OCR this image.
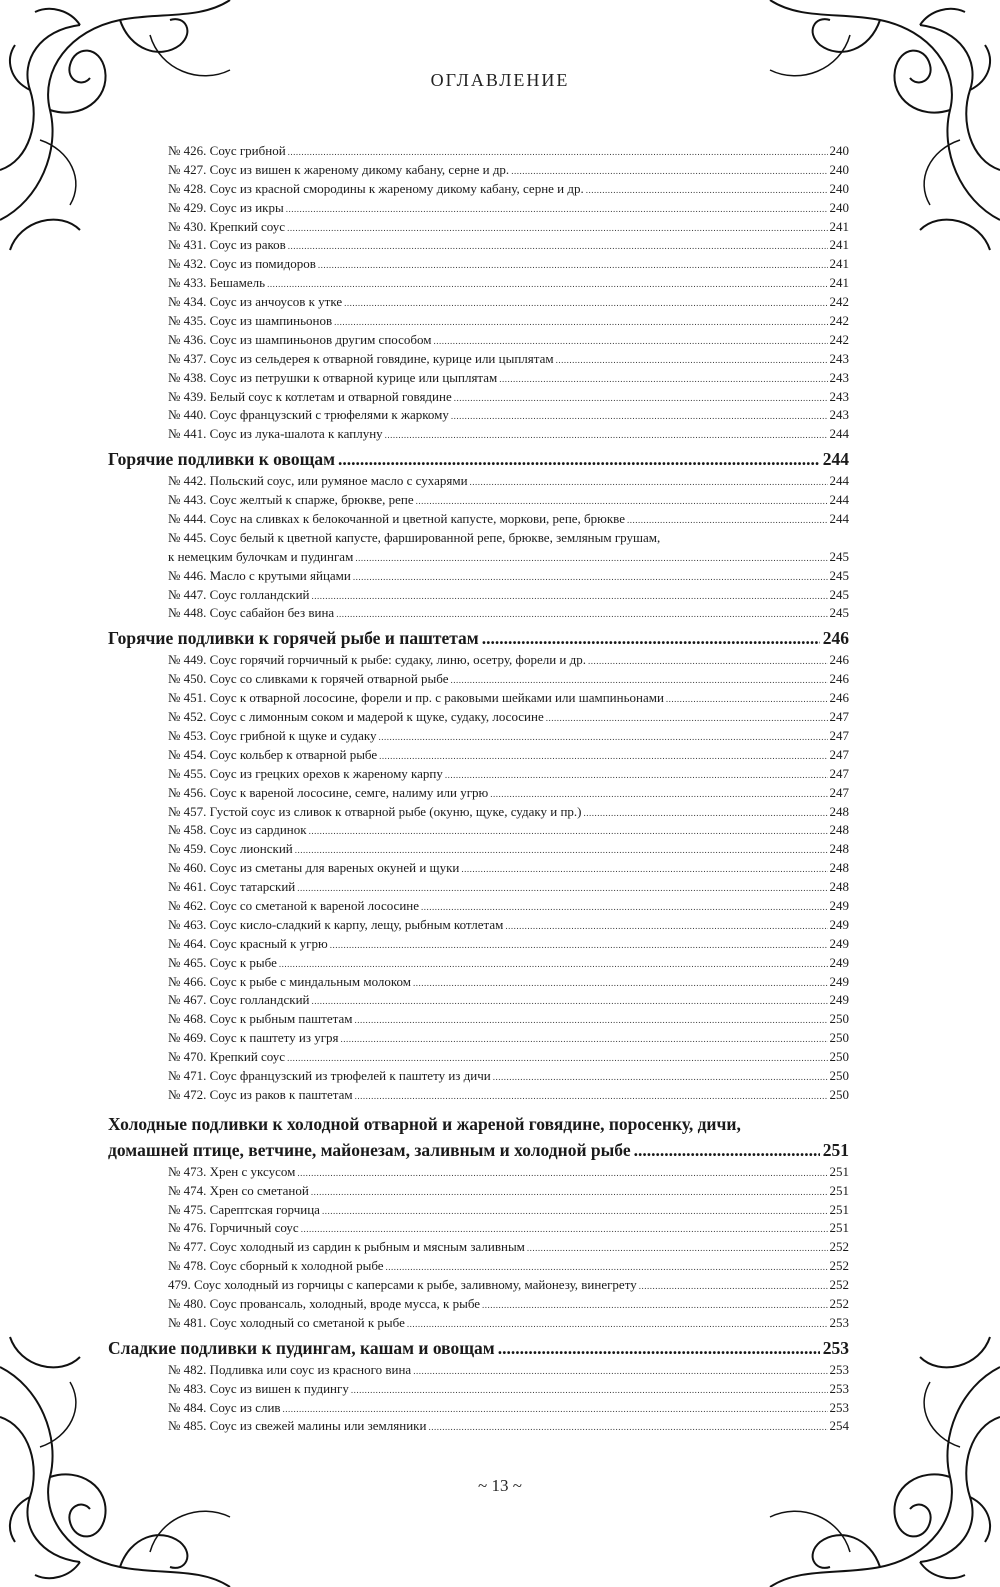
ОГЛАВЛЕНИЕ
№ 426. Соус грибной .....	240
№ 427. Соус из вишен к жареному дикому кабану, серне и др. .....	240
№ 428. Соус из красной смородины к жареному дикому кабану, серне и др. .....	240
№ 429. Соус из икры .....	240
№ 430. Крепкий соус .....	241
№ 431. Соус из раков .....	241
№ 432. Соус из помидоров .....	241
№ 433. Бешамель .....	241
№ 434. Соус из анчоусов к утке .....	242
№ 435. Соус из шампиньонов .....	242
№ 436. Соус из шампиньонов другим способом .....	242
№ 437. Соус из сельдерея к отварной говядине, курице или цыплятам .....	243
№ 438. Соус из петрушки к отварной курице или цыплятам .....	243
№ 439. Белый соус к котлетам и отварной говядине .....	243
№ 440. Соус французский с трюфелями к жаркому .....	243
№ 441. Соус из лука-шалота к каплуну .....	244
Горячие подливки к овощам .....	244
№ 442. Польский соус, или румяное масло с сухарями .....	244
№ 443. Соус желтый к спарже, брюкве, репе .....	244
№ 444. Соус на сливках к белокочанной и цветной капусте, моркови, репе, брюкве .....	244
№ 445. Соус белый к цветной капусте, фаршированной репе, брюкве, земляным грушам,
к немецким булочкам и пудингам .....	245
№ 446. Масло с крутыми яйцами .....	245
№ 447. Соус голландский .....	245
№ 448. Соус сабайон без вина .....	245
Горячие подливки к горячей рыбе и паштетам .....	246
№ 449. Соус горячий горчичный к рыбе: судаку, линю, осетру, форели и др. .....	246
№ 450. Соус со сливками к горячей отварной рыбе .....	246
№ 451. Соус к отварной лососине, форели и пр. с раковыми шейками или шампиньонами .....	246
№ 452. Соус с лимонным соком и мадерой к щуке, судаку, лососине .....	247
№ 453. Соус грибной к щуке и судаку .....	247
№ 454. Соус кольбер к отварной рыбе .....	247
№ 455. Соус из грецких орехов к жареному карпу .....	247
№ 456. Соус к вареной лососине, семге, налиму или угрю .....	247
№ 457. Густой соус из сливок к отварной рыбе (окуню, щуке, судаку и пр.) .....	248
№ 458. Соус из сардинок .....	248
№ 459. Соус лионский .....	248
№ 460. Соус из сметаны для вареных окуней и щуки .....	248
№ 461. Соус татарский .....	248
№ 462. Соус со сметаной к вареной лососине .....	249
№ 463. Соус кисло-сладкий к карпу, лещу, рыбным котлетам .....	249
№ 464. Соус красный к угрю .....	249
№ 465. Соус к рыбе .....	249
№ 466. Соус к рыбе с миндальным молоком .....	249
№ 467. Соус голландский .....	249
№ 468. Соус к рыбным паштетам .....	250
№ 469. Соус к паштету из угря .....	250
№ 470. Крепкий соус .....	250
№ 471. Соус французский из трюфелей к паштету из дичи .....	250
№ 472. Соус из раков к паштетам .....	250
Холодные подливки к холодной отварной и жареной говядине, поросенку, дичи,
домашней птице, ветчине, майонезам, заливным и холодной рыбе .....	251
№ 473. Хрен с уксусом .....	251
№ 474. Хрен со сметаной .....	251
№ 475. Сарептская горчица .....	251
№ 476. Горчичный соус .....	251
№ 477. Соус холодный из сардин к рыбным и мясным заливным .....	252
№ 478. Соус сборный к холодной рыбе .....	252
479. Соус холодный из горчицы с каперсами к рыбе, заливному, майонезу, винегрету .....	252
№ 480. Соус провансаль, холодный, вроде мусса, к рыбе .....	252
№ 481. Соус холодный со сметаной к рыбе .....	253
Сладкие подливки к пудингам, кашам и овощам .....	253
№ 482. Подливка или соус из красного вина .....	253
№ 483. Соус из вишен к пудингу .....	253
№ 484. Соус из слив .....	253
№ 485. Соус из свежей малины или земляники .....	254
~ 13 ~
